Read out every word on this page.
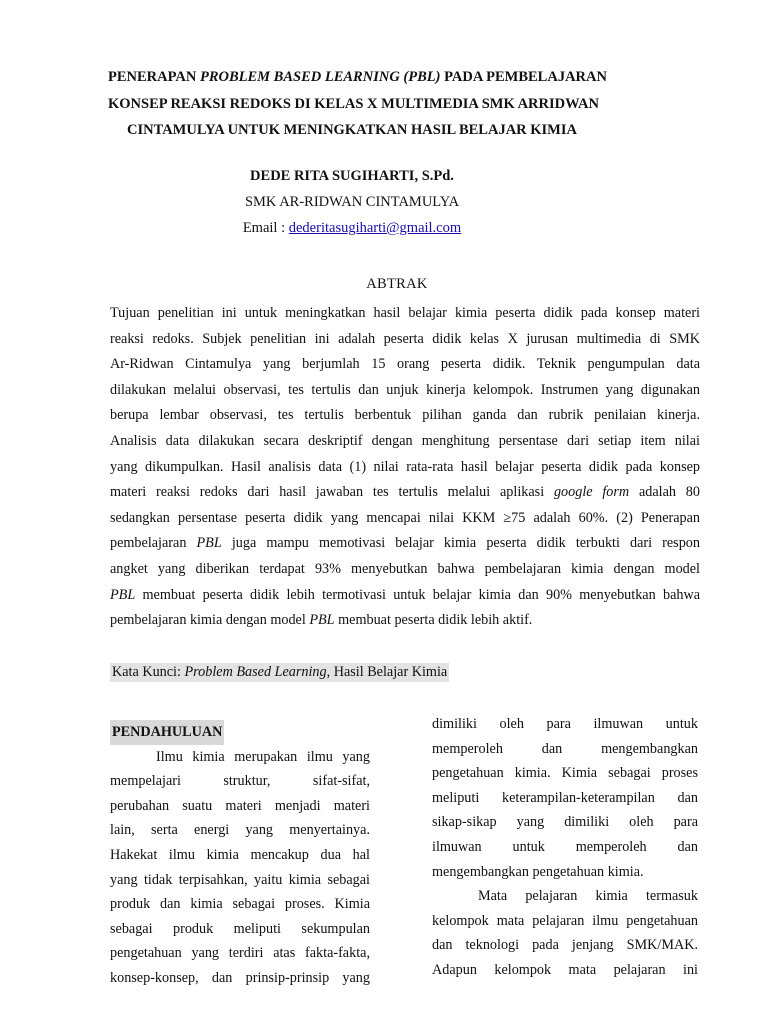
PENERAPAN PROBLEM BASED LEARNING (PBL) PADA PEMBELAJARAN
KONSEP REAKSI REDOKS DI KELAS X MULTIMEDIA SMK ARRIDWAN
CINTAMULYA UNTUK MENINGKATKAN HASIL BELAJAR KIMIA
DEDE RITA SUGIHARTI, S.Pd.
SMK AR-RIDWAN CINTAMULYA
Email : dederitasugiharti@gmail.com
ABTRAK
Tujuan penelitian ini untuk meningkatkan hasil belajar kimia peserta didik pada konsep materi
reaksi redoks. Subjek penelitian ini adalah peserta didik kelas X jurusan multimedia di SMK
Ar-Ridwan Cintamulya yang berjumlah 15 orang peserta didik. Teknik pengumpulan data
dilakukan melalui observasi, tes tertulis dan unjuk kinerja kelompok. Instrumen yang digunakan
berupa lembar observasi, tes tertulis berbentuk pilihan ganda dan rubrik penilaian kinerja.
Analisis data dilakukan secara deskriptif dengan menghitung persentase dari setiap item nilai
yang dikumpulkan. Hasil analisis data (1) nilai rata-rata hasil belajar peserta didik pada konsep
materi reaksi redoks dari hasil jawaban tes tertulis melalui aplikasi google form adalah 80
sedangkan persentase peserta didik yang mencapai nilai KKM ≥75 adalah 60%. (2) Penerapan
pembelajaran PBL juga mampu memotivasi belajar kimia peserta didik terbukti dari respon
angket yang diberikan terdapat 93% menyebutkan bahwa pembelajaran kimia dengan model
PBL membuat peserta didik lebih termotivasi untuk belajar kimia dan 90% menyebutkan bahwa
pembelajaran kimia dengan model PBL membuat peserta didik lebih aktif.
Kata Kunci: Problem Based Learning, Hasil Belajar Kimia
PENDAHULUAN
Ilmu kimia merupakan ilmu yang
mempelajari struktur, sifat-sifat,
perubahan suatu materi menjadi materi
lain, serta energi yang menyertainya.
Hakekat ilmu kimia mencakup dua hal
yang tidak terpisahkan, yaitu kimia sebagai
produk dan kimia sebagai proses. Kimia
sebagai produk meliputi sekumpulan
pengetahuan yang terdiri atas fakta-fakta,
konsep-konsep, dan prinsip-prinsip yang
dimiliki oleh para ilmuwan untuk
memperoleh dan mengembangkan
pengetahuan kimia. Kimia sebagai proses
meliputi keterampilan-keterampilan dan
sikap-sikap yang dimiliki oleh para
ilmuwan untuk memperoleh dan
mengembangkan pengetahuan kimia.
Mata pelajaran kimia termasuk
kelompok mata pelajaran ilmu pengetahuan
dan teknologi pada jenjang SMK/MAK.
Adapun kelompok mata pelajaran ini
